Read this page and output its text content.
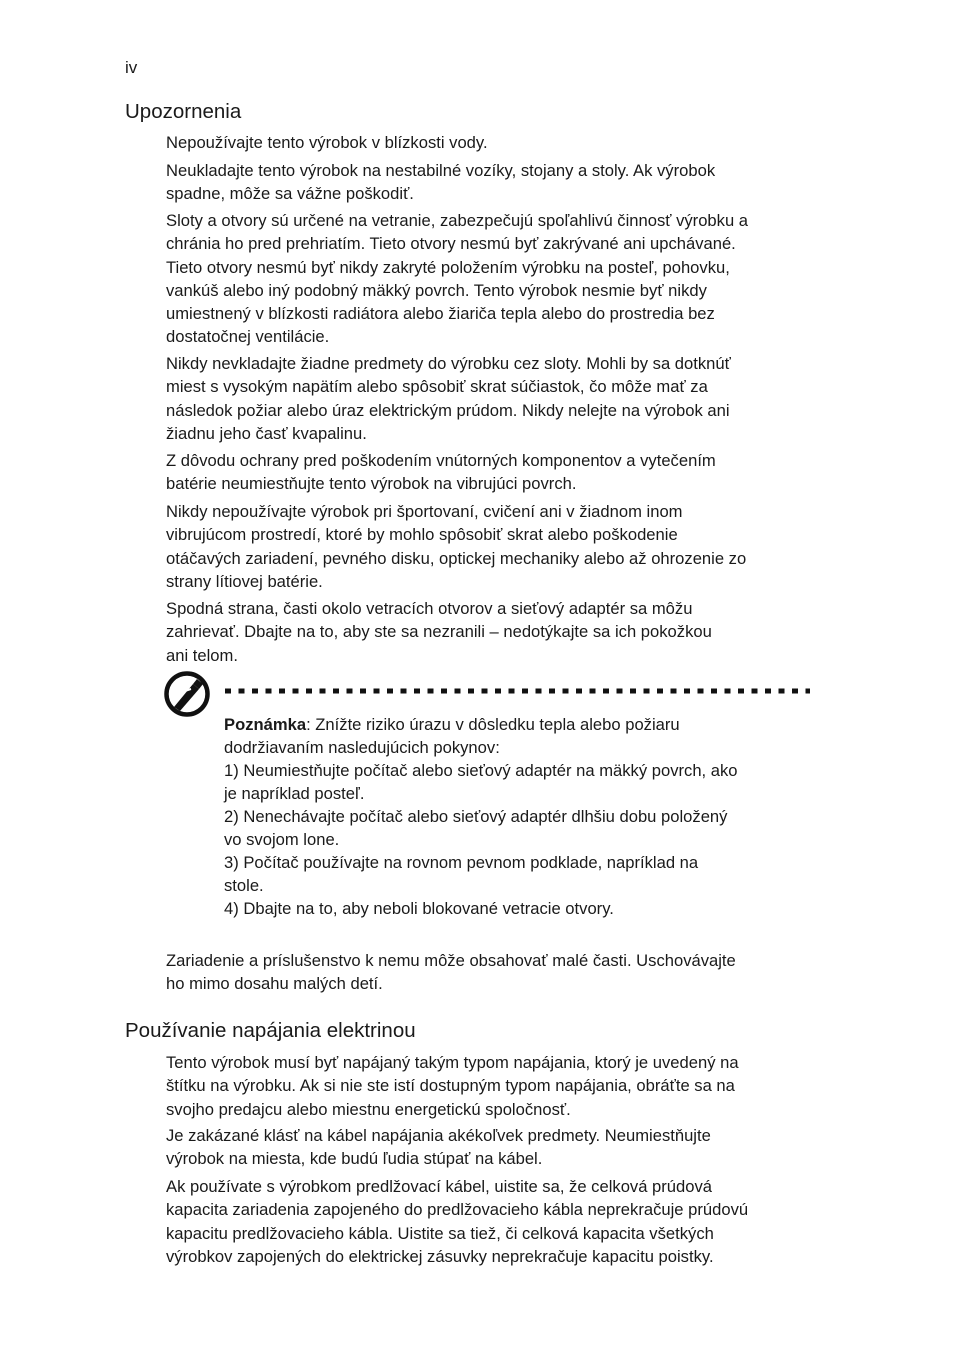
iv
Upozornenia

Nepoužívajte tento výrobok v blízkosti vody.

Neukladajte tento výrobok na nestabilné vozíky, stojany a stoly. Ak výrobok
spadne, môže sa vážne poškodiť.

Sloty a otvory sú určené na vetranie, zabezpečujú spoľahlivú činnosť výrobku a
chránia ho pred prehriatím. Tieto otvory nesmú byť zakrývané ani upchávané.
Tieto otvory nesmú byť nikdy zakryté položením výrobku na posteľ, pohovku,
vankúš alebo iný podobný mäkký povrch. Tento výrobok nesmie byť nikdy
umiestnený v blízkosti radiátora alebo žiariča tepla alebo do prostredia bez
dostatočnej ventilácie.

Nikdy nevkladajte žiadne predmety do výrobku cez sloty. Mohli by sa dotknúť
miest s vysokým napätím alebo spôsobiť skrat súčiastok, čo môže mať za
následok požiar alebo úraz elektrickým prúdom. Nikdy nelejte na výrobok ani
žiadnu jeho časť kvapalinu.

Z dôvodu ochrany pred poškodením vnútorných komponentov a vytečením
batérie neumiestňujte tento výrobok na vibrujúci povrch.

Nikdy nepoužívajte výrobok pri športovaní, cvičení ani v žiadnom inom
vibrujúcom prostredí, ktoré by mohlo spôsobiť skrat alebo poškodenie
otáčavých zariadení, pevného disku, optickej mechaniky alebo až ohrozenie zo
strany lítiovej batérie.

Spodná strana, časti okolo vetracích otvorov a sieťový adaptér sa môžu
zahrievať. Dbajte na to, aby ste sa nezranili – nedotýkajte sa ich pokožkou
ani telom.

Poznámka: Znížte riziko úrazu v dôsledku tepla alebo požiaru
dodržiavaním nasledujúcich pokynov:
1) Neumiestňujte počítač alebo sieťový adaptér na mäkký povrch, ako
je napríklad posteľ.
2) Nenechávajte počítač alebo sieťový adaptér dlhšiu dobu položený
vo svojom lone.
3) Počítač používajte na rovnom pevnom podklade, napríklad na
stole.
4) Dbajte na to, aby neboli blokované vetracie otvory.

Zariadenie a príslušenstvo k nemu môže obsahovať malé časti. Uschovávajte
ho mimo dosahu malých detí.

Používanie napájania elektrinou

Tento výrobok musí byť napájaný takým typom napájania, ktorý je uvedený na
štítku na výrobku. Ak si nie ste istí dostupným typom napájania, obráťte sa na
svojho predajcu alebo miestnu energetickú spoločnosť.

Je zakázané klásť na kábel napájania akékoľvek predmety. Neumiestňujte
výrobok na miesta, kde budú ľudia stúpať na kábel.

Ak používate s výrobkom predlžovací kábel, uistite sa, že celková prúdová
kapacita zariadenia zapojeného do predlžovacieho kábla neprekračuje prúdovú
kapacitu predlžovacieho kábla. Uistite sa tiež, či celková kapacita všetkých
výrobkov zapojených do elektrickej zásuvky neprekračuje kapacitu poistky.
